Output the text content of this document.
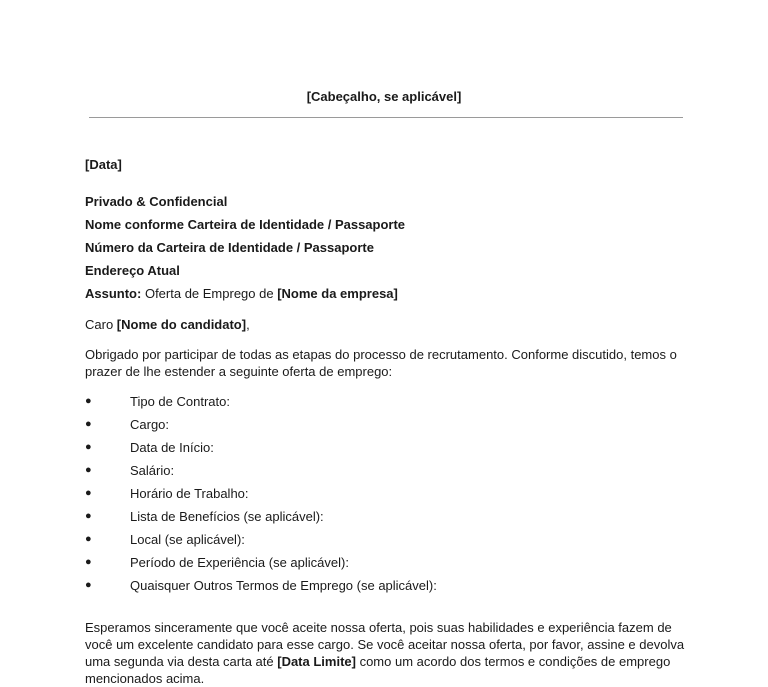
[Cabeçalho, se aplicável]
[Data]
Privado & Confidencial
Nome conforme Carteira de Identidade / Passaporte
Número da Carteira de Identidade / Passaporte
Endereço Atual
Assunto: Oferta de Emprego de [Nome da empresa]
Caro [Nome do candidato],
Obrigado por participar de todas as etapas do processo de recrutamento. Conforme discutido, temos o prazer de lhe estender a seguinte oferta de emprego:
●	Tipo de Contrato:
●	Cargo:
●	Data de Início:
●	Salário:
●	Horário de Trabalho:
●	Lista de Benefícios (se aplicável):
●	Local (se aplicável):
●	Período de Experiência (se aplicável):
●	Quaisquer Outros Termos de Emprego (se aplicável):
Esperamos sinceramente que você aceite nossa oferta, pois suas habilidades e experiência fazem de você um excelente candidato para esse cargo. Se você aceitar nossa oferta, por favor, assine e devolva uma segunda via desta carta até [Data Limite] como um acordo dos termos e condições de emprego mencionados acima.
